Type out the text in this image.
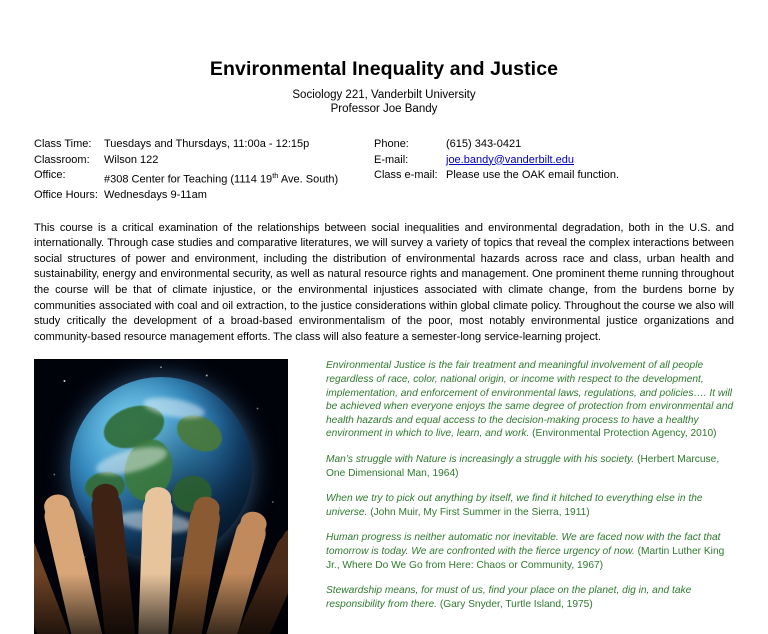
Environmental Inequality and Justice
Sociology 221, Vanderbilt University
Professor Joe Bandy
Class Time:	Tuesdays and Thursdays, 11:00a - 12:15p
Classroom:	Wilson 122
Office:	#308 Center for Teaching (1114 19th Ave. South)
Office Hours: Wednesdays 9-11am
Phone:	(615) 343-0421
E-mail:	joe.bandy@vanderbilt.edu
Class e-mail: Please use the OAK email function.

This course is a critical examination of the relationships between social inequalities and environmental degradation, both in the U.S. and internationally. Through case studies and comparative literatures, we will survey a variety of topics that reveal the complex interactions between social structures of power and environment, including the distribution of environmental hazards across race and class, urban health and sustainability, energy and environmental security, as well as natural resource rights and management. One prominent theme running throughout the course will be that of climate injustice, or the environmental injustices associated with climate change, from the burdens borne by communities associated with coal and oil extraction, to the justice considerations within global climate policy. Throughout the course we also will study critically the development of a broad-based environmentalism of the poor, most notably environmental justice organizations and community-based resource management efforts. The class will also feature a semester-long service-learning project.

Environmental Justice is the fair treatment and meaningful involvement of all people regardless of race, color, national origin, or income with respect to the development, implementation, and enforcement of environmental laws, regulations, and policies…. It will be achieved when everyone enjoys the same degree of protection from environmental and health hazards and equal access to the decision-making process to have a healthy environment in which to live, learn, and work. (Environmental Protection Agency, 2010)

Man’s struggle with Nature is increasingly a struggle with his society. (Herbert Marcuse, One Dimensional Man, 1964)

When we try to pick out anything by itself, we find it hitched to everything else in the universe. (John Muir, My First Summer in the Sierra, 1911)

Human progress is neither automatic nor inevitable. We are faced now with the fact that tomorrow is today. We are confronted with the fierce urgency of now. (Martin Luther King Jr., Where Do We Go from Here: Chaos or Community, 1967)

Stewardship means, for must of us, find your place on the planet, dig in, and take responsibility from there. (Gary Snyder, Turtle Island, 1975)
